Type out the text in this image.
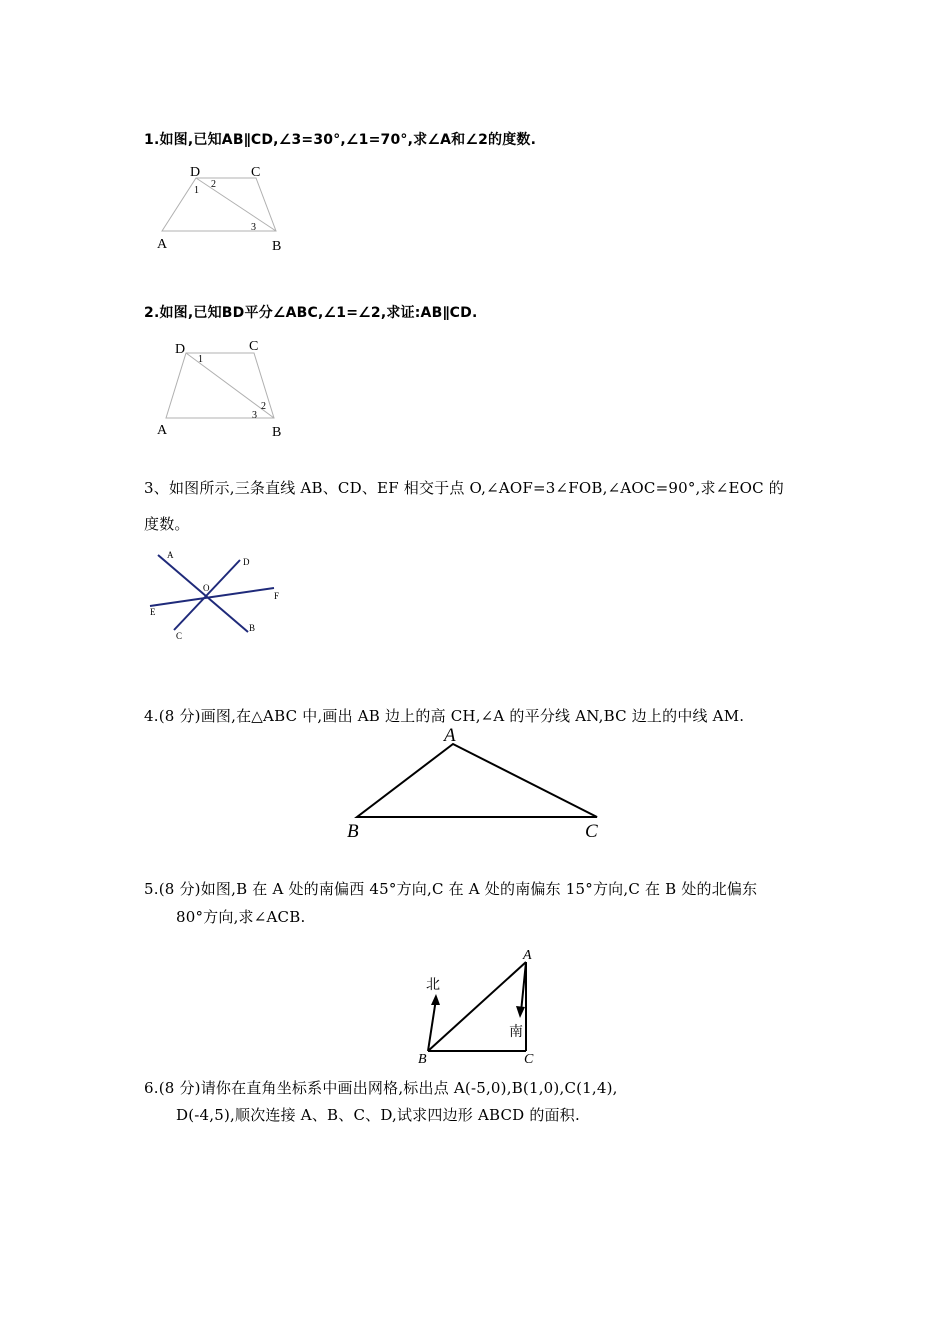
1.如图,已知AB∥CD,∠3=30°,∠1=70°,求∠A和∠2的度数.
D	C
A	B
1
2
3
2.如图,已知BD平分∠ABC,∠1=∠2,求证:AB∥CD.
D	C
A	B
1
2
3
3、如图所示,三条直线 AB、CD、EF 相交于点 O,∠AOF=3∠FOB,∠AOC=90°,求∠EOC 的
度数。
A
D
O
F
E
B
C
4.(8 分)画图,在△ABC 中,画出 AB 边上的高 CH,∠A 的平分线 AN,BC 边上的中线 AM.
A
B	C
5.(8 分)如图,B 在 A 处的南偏西 45°方向,C 在 A 处的南偏东 15°方向,C 在 B 处的北偏东
80°方向,求∠ACB.
A
B	C
北
南
6.(8 分)请你在直角坐标系中画出网格,标出点 A(-5,0),B(1,0),C(1,4),
D(-4,5),顺次连接 A、B、C、D,试求四边形 ABCD 的面积.
